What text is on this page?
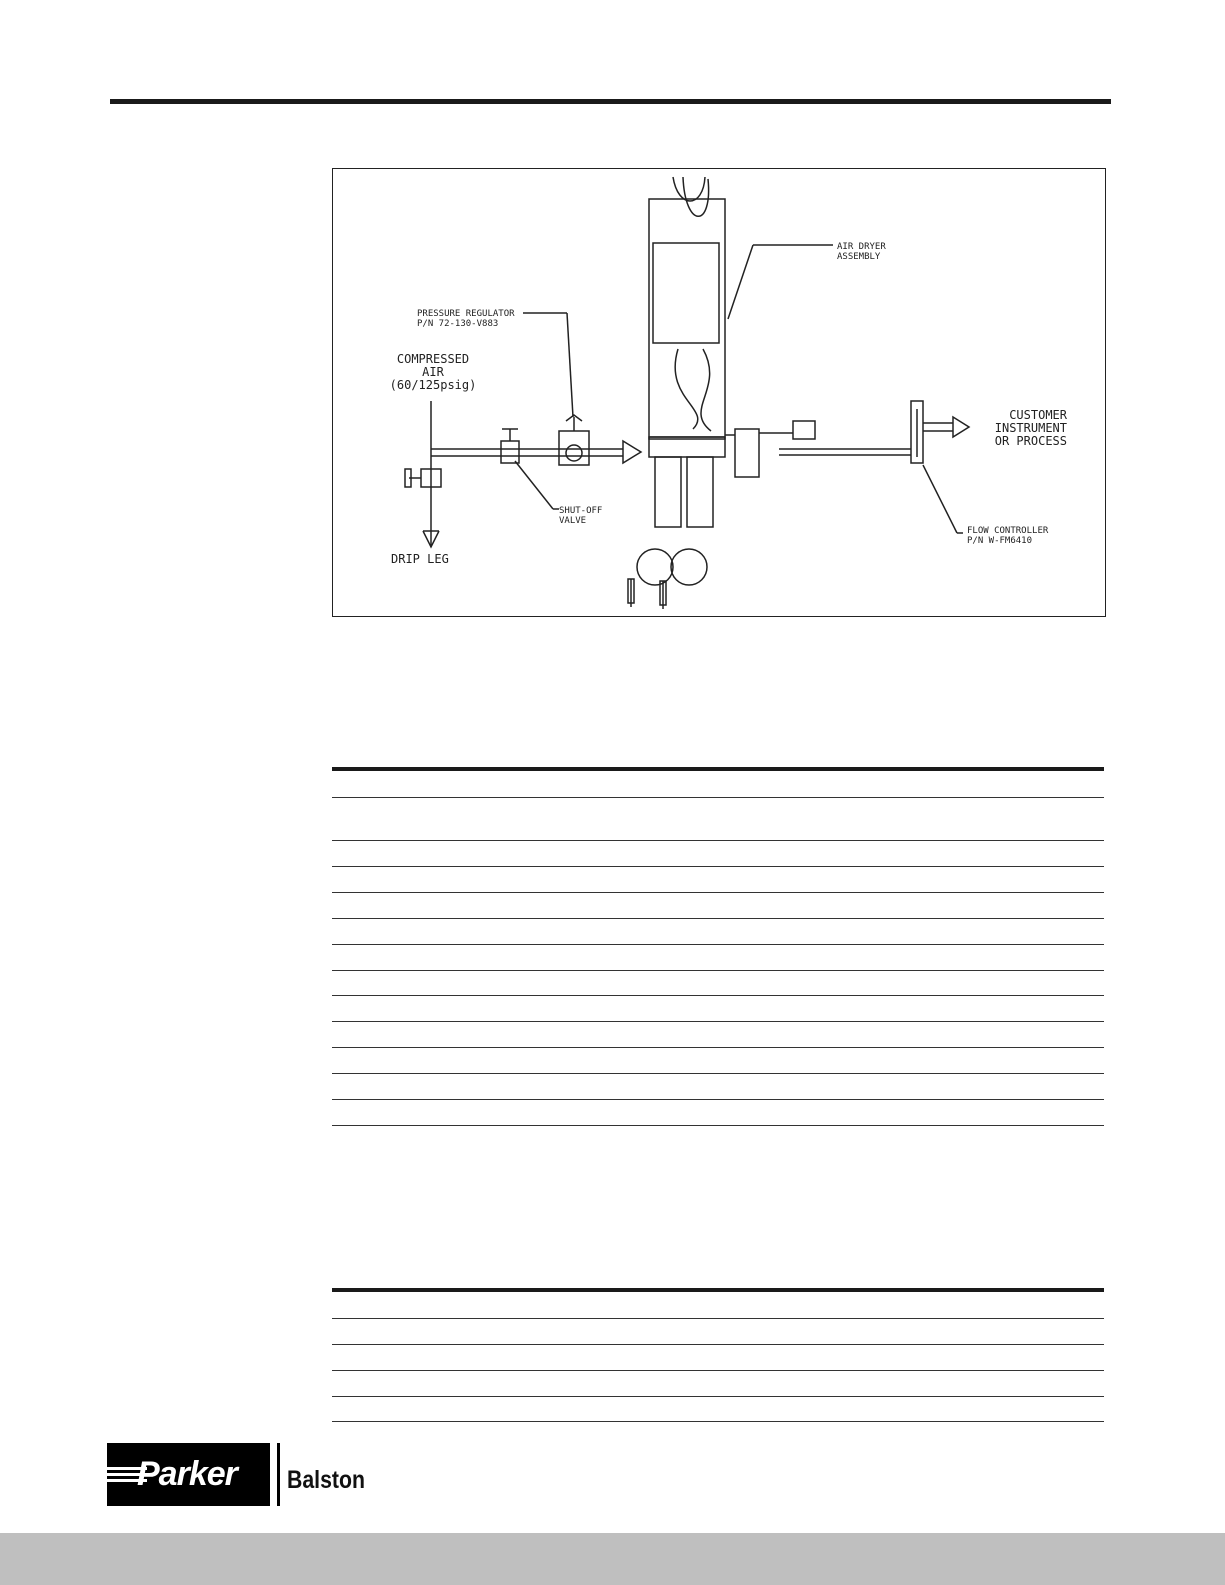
PRESSURE REGULATOR
P/N 72-130-V883
COMPRESSED
AIR
(60/125psig)
DRIP LEG
SHUT-OFF
VALVE
AIR DRYER
ASSEMBLY
CUSTOMER
INSTRUMENT
OR PROCESS
FLOW CONTROLLER
P/N W-FM6410
Parker Balston
